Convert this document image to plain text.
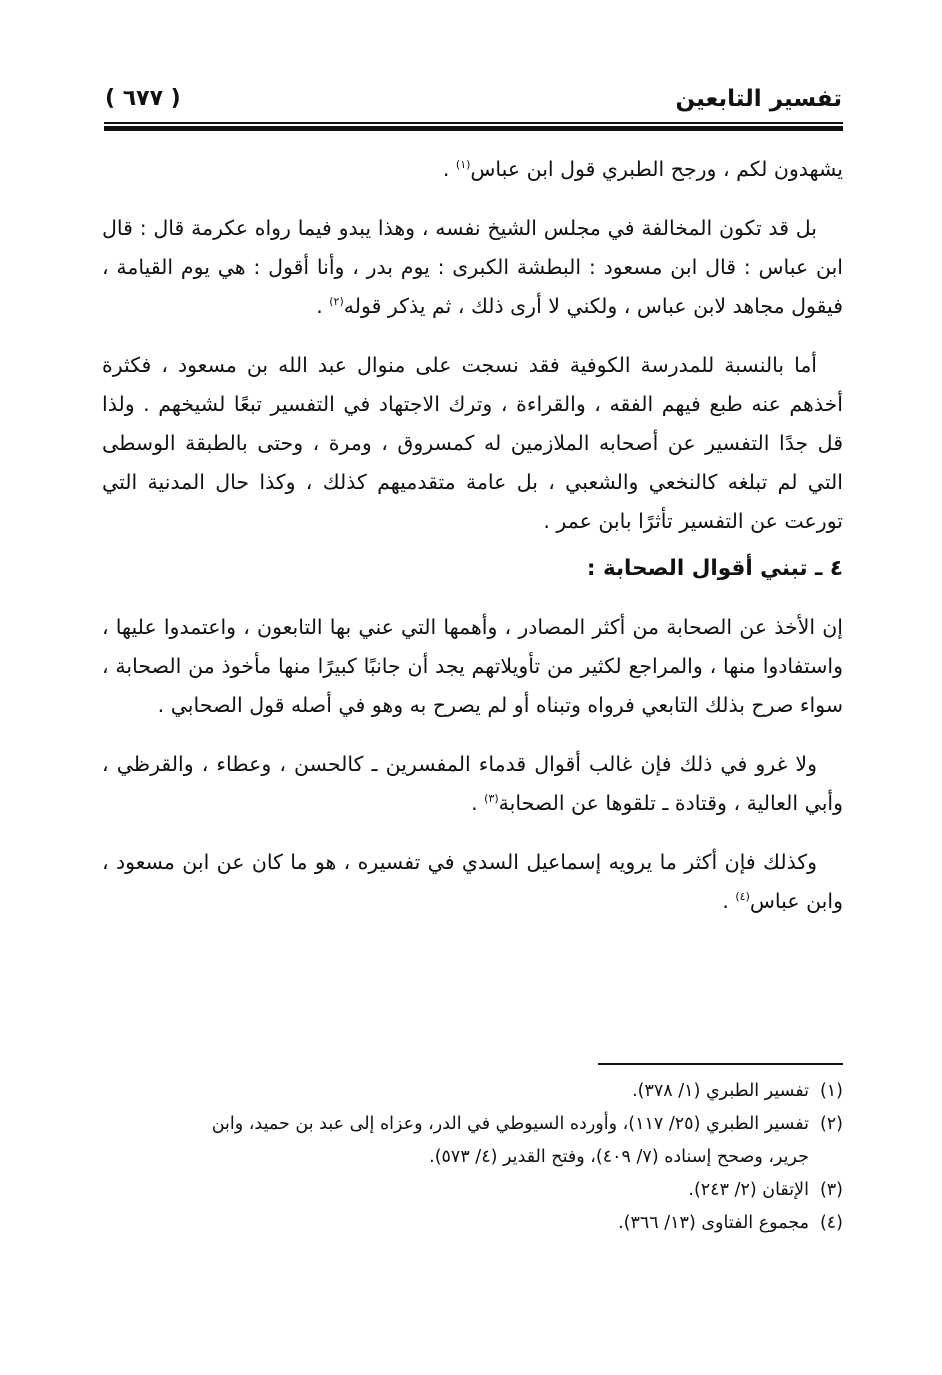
تفسير التابعين
( ٦٧٧ )

يشهدون لكم ، ورجح الطبري قول ابن عباس$^{(١)}$ .

بل قد تكون المخالفة في مجلس الشيخ نفسه ، وهذا يبدو فيما رواه عكرمة قال : قال ابن عباس : قال ابن مسعود : البطشة الكبرى : يوم بدر ، وأنا أقول : هي يوم القيامة ، فيقول مجاهد لابن عباس ، ولكني لا أرى ذلك ، ثم يذكر قوله$^{(٢)}$ .

أما بالنسبة للمدرسة الكوفية فقد نسجت على منوال عبد الله بن مسعود ، فكثرة أخذهم عنه طبع فيهم الفقه ، والقراءة ، وترك الاجتهاد في التفسير تبعًا لشيخهم . ولذا قل جدًا التفسير عن أصحابه الملازمين له كمسروق ، ومرة ، وحتى بالطبقة الوسطى التي لم تبلغه كالنخعي والشعبي ، بل عامة متقدميهم كذلك ، وكذا حال المدنية التي تورعت عن التفسير تأثرًا بابن عمر .

٤ ـ تبني أقوال الصحابة :

إن الأخذ عن الصحابة من أكثر المصادر ، وأهمها التي عني بها التابعون ، واعتمدوا عليها ، واستفادوا منها ، والمراجع لكثير من تأويلاتهم يجد أن جانبًا كبيرًا منها مأخوذ من الصحابة ، سواء صرح بذلك التابعي فرواه وتبناه أو لم يصرح به وهو في أصله قول الصحابي .

ولا غرو في ذلك فإن غالب أقوال قدماء المفسرين ـ كالحسن ، وعطاء ، والقرظي ، وأبي العالية ، وقتادة ـ تلقوها عن الصحابة$^{(٣)}$ .

وكذلك فإن أكثر ما يرويه إسماعيل السدي في تفسيره ، هو ما كان عن ابن مسعود ، وابن عباس$^{(٤)}$ .

(١)تفسير الطبري (١/ ٣٧٨).

(٢)تفسير الطبري (٢٥/ ١١٧)، وأورده السيوطي في الدر، وعزاه إلى عبد بن حميد، وابن

جرير، وصحح إسناده (٧/ ٤٠٩)، وفتح القدير (٤/ ٥٧٣).

(٣)الإتقان (٢/ ٢٤٣).

(٤)مجموع الفتاوى (١٣/ ٣٦٦).
